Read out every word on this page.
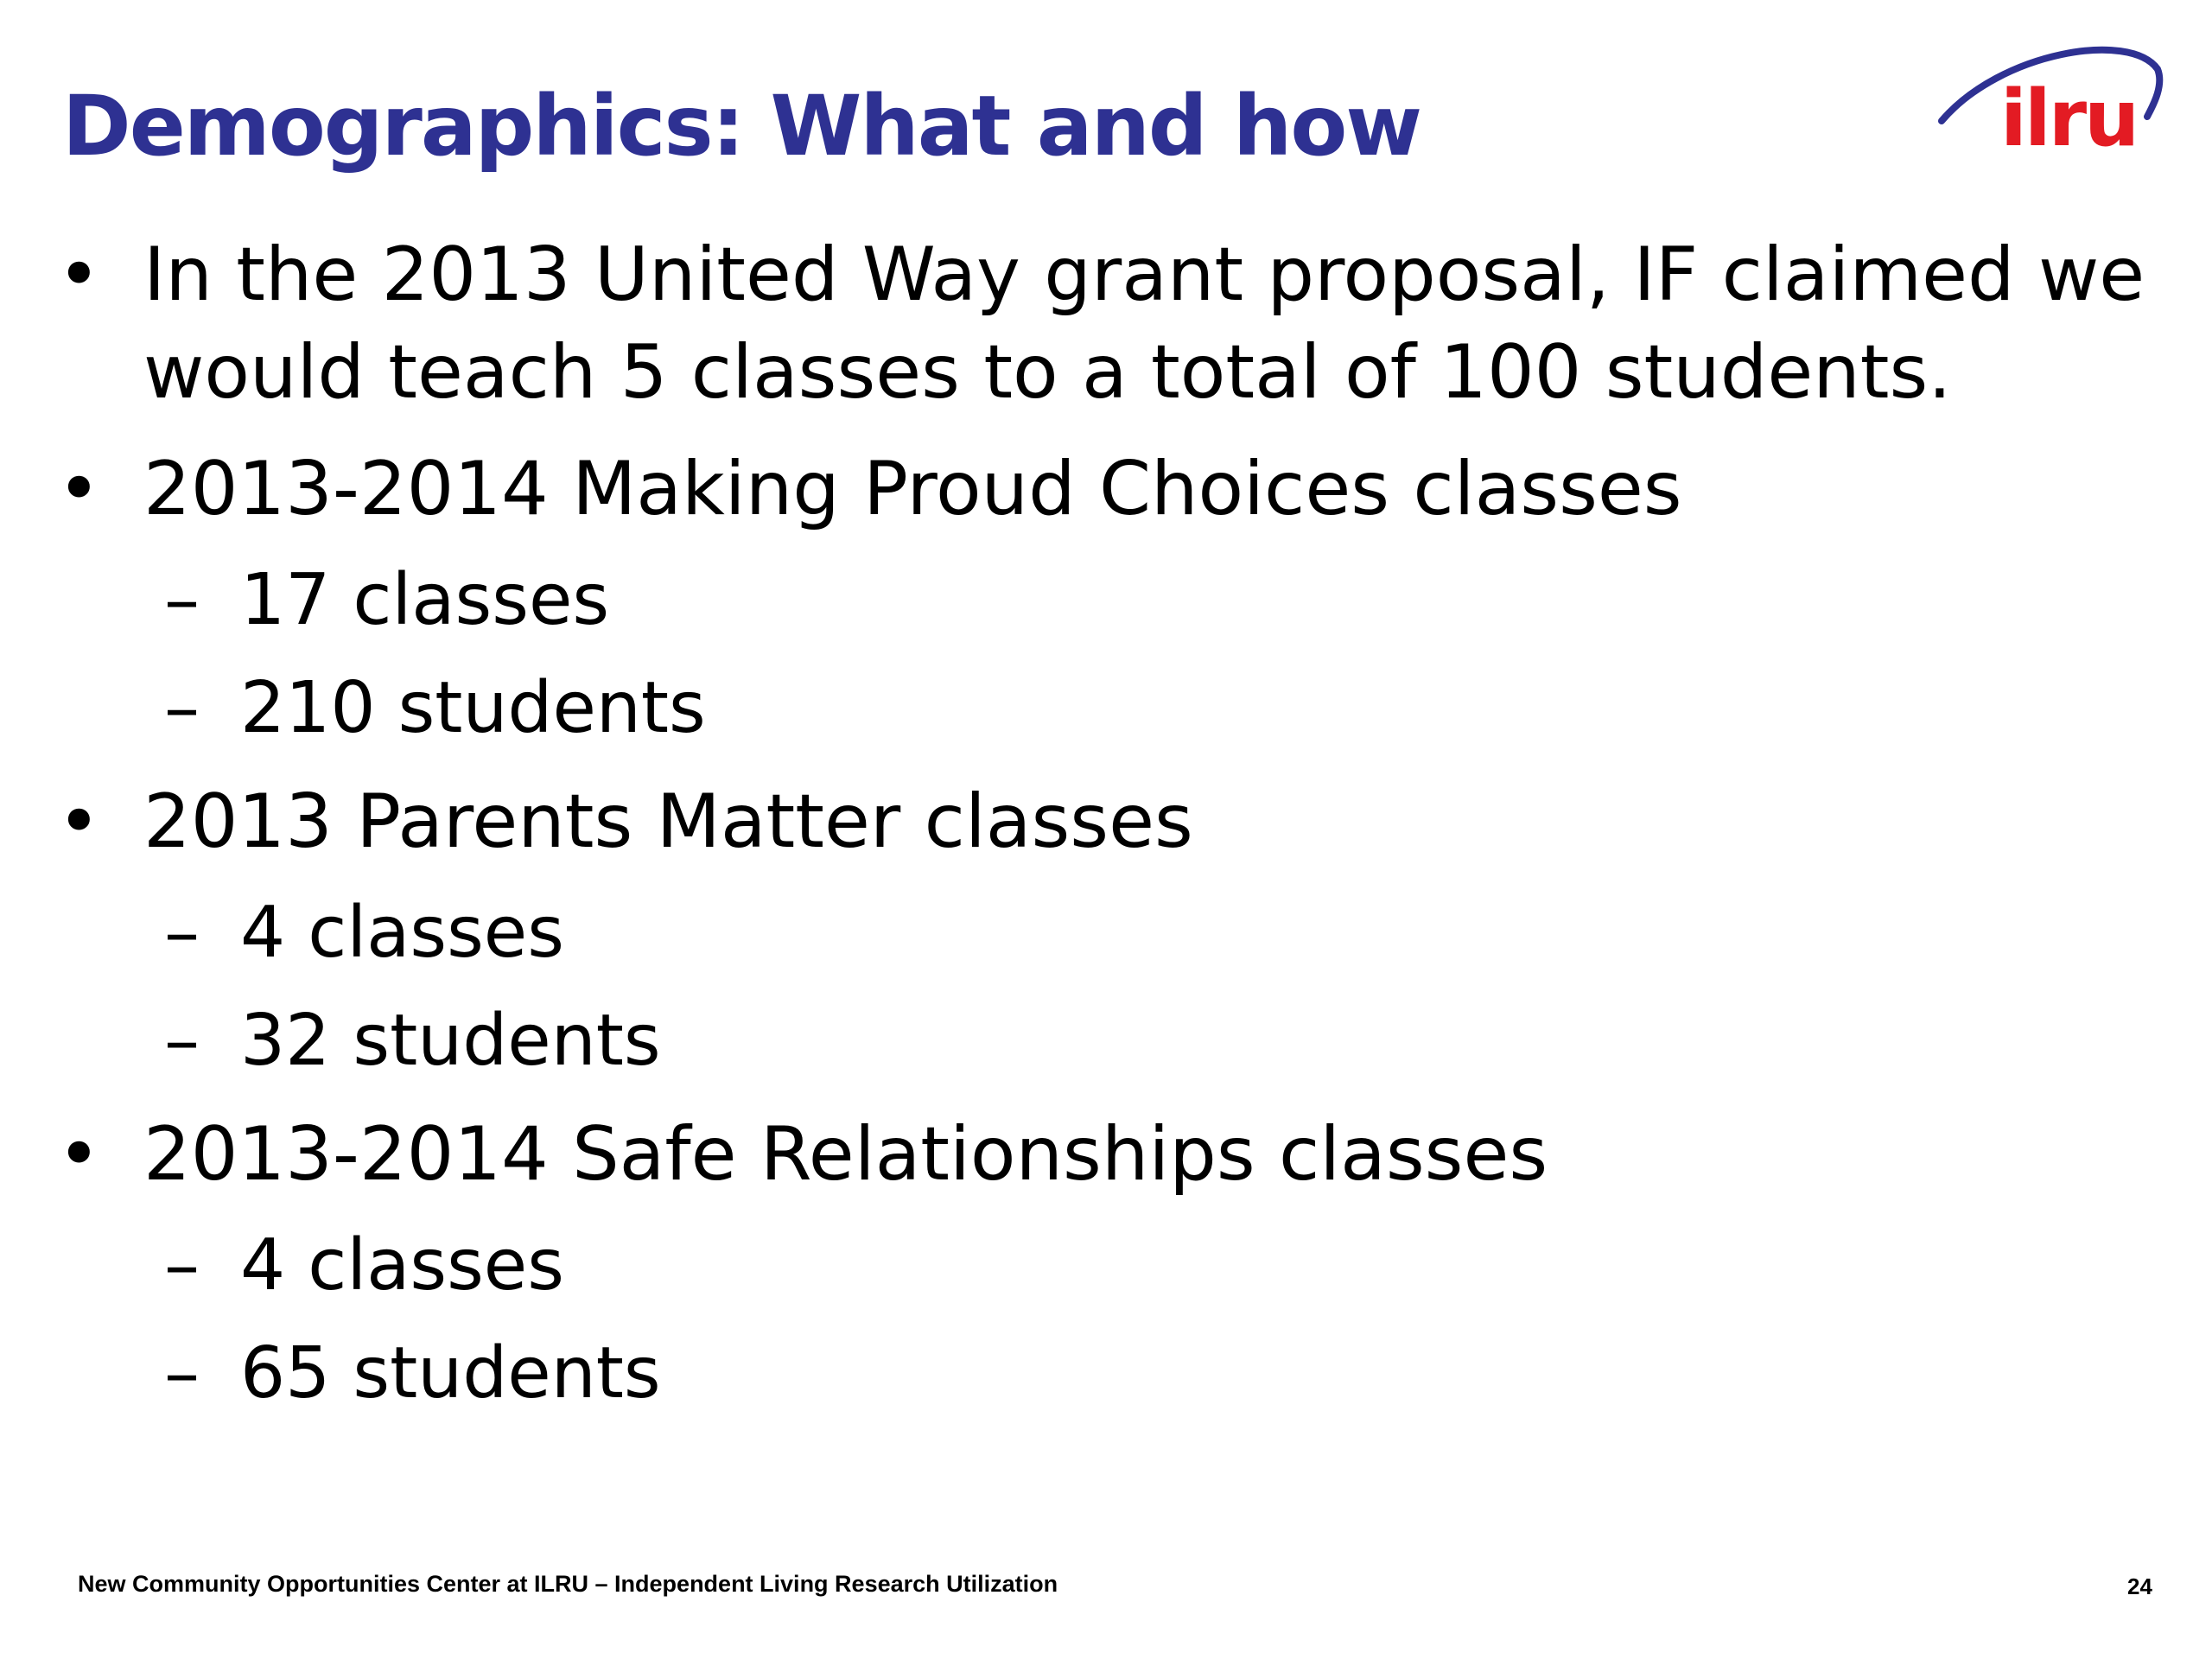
Demographics: What and how	ilru
• In the 2013 United Way grant proposal, IF claimed we
would teach 5 classes to a total of 100 students.
• 2013-2014 Making Proud Choices classes
– 17 classes
– 210 students
• 2013 Parents Matter classes
– 4 classes
– 32 students
• 2013-2014 Safe Relationships classes
– 4 classes
– 65 students
New Community Opportunities Center at ILRU – Independent Living Research Utilization	24
